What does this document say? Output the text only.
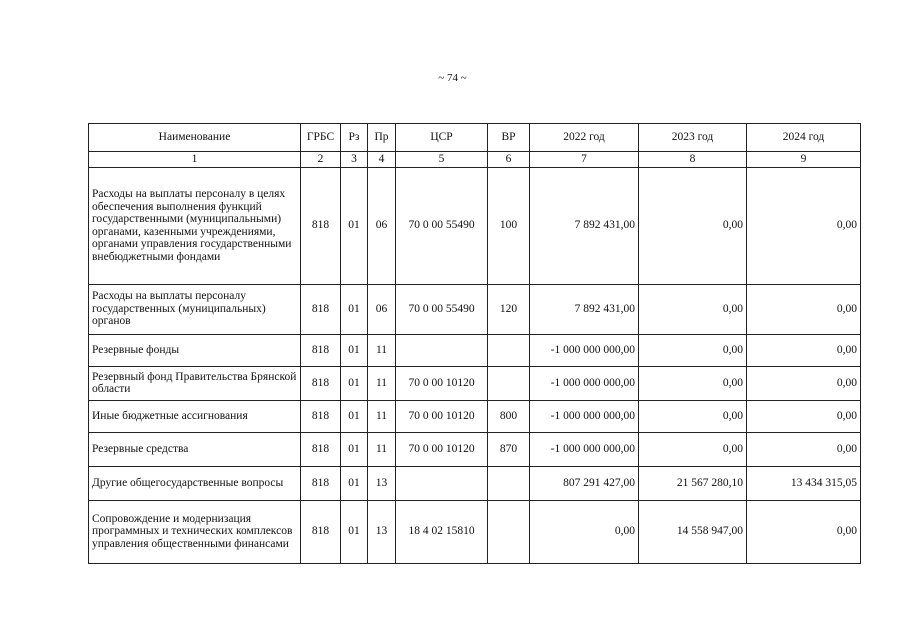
~ 74 ~
Наименование	ГРБС	Рз	Пр	ЦСР	ВР	2022 год	2023 год	2024 год
1	2	3	4	5	6	7	8	9
Расходы на выплаты персоналу в целях обеспечения выполнения функций государственными (муниципальными) органами, казенными учреждениями, органами управления государственными внебюджетными фондами	818	01	06	70 0 00 55490	100	7 892 431,00	0,00	0,00
Расходы на выплаты персоналу государственных (муниципальных) органов	818	01	06	70 0 00 55490	120	7 892 431,00	0,00	0,00
Резервные фонды	818	01	11			-1 000 000 000,00	0,00	0,00
Резервный фонд Правительства Брянской области	818	01	11	70 0 00 10120		-1 000 000 000,00	0,00	0,00
Иные бюджетные ассигнования	818	01	11	70 0 00 10120	800	-1 000 000 000,00	0,00	0,00
Резервные средства	818	01	11	70 0 00 10120	870	-1 000 000 000,00	0,00	0,00
Другие общегосударственные вопросы	818	01	13			807 291 427,00	21 567 280,10	13 434 315,05
Сопровождение и модернизация программных и технических комплексов управления общественными финансами	818	01	13	18 4 02 15810		0,00	14 558 947,00	0,00
